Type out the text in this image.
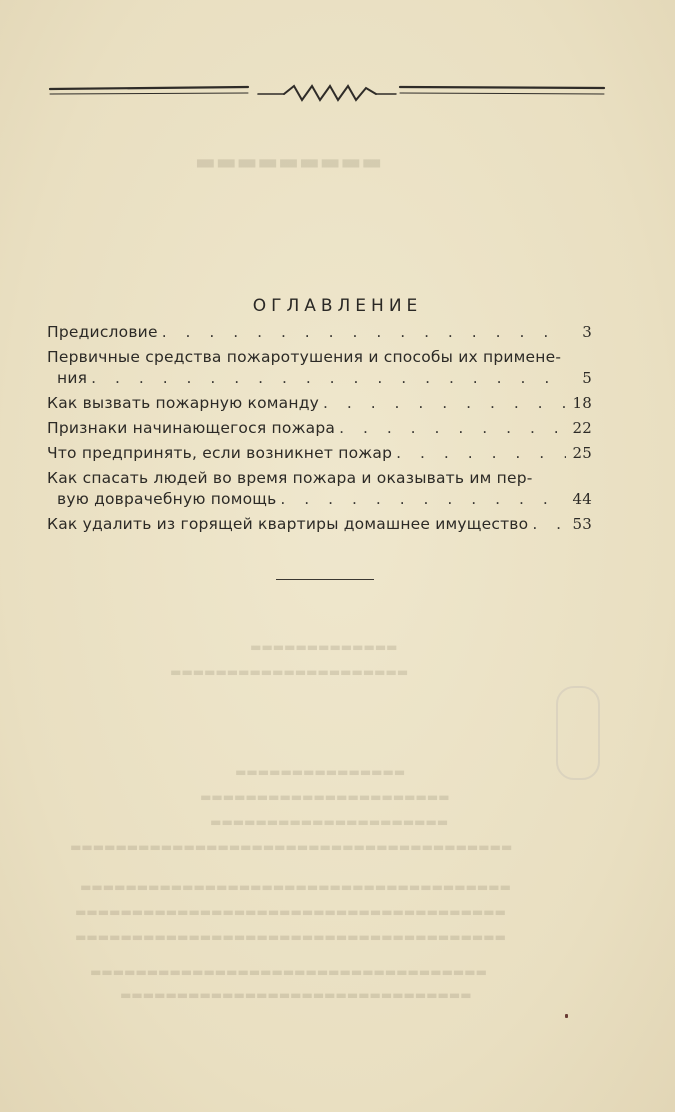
▬▬▬▬▬▬▬▬▬
▬▬▬▬▬▬▬▬▬▬▬▬▬
▬▬▬▬▬▬▬▬▬▬▬▬▬▬▬▬▬▬▬▬▬
▬▬▬▬▬▬▬▬▬▬▬▬▬▬▬
▬▬▬▬▬▬▬▬▬▬▬▬▬▬▬▬▬▬▬▬▬▬
▬▬▬▬▬▬▬▬▬▬▬▬▬▬▬▬▬▬▬▬▬
▬▬▬▬▬▬▬▬▬▬▬▬▬▬▬▬▬▬▬▬▬▬▬▬▬▬▬▬▬▬▬▬▬▬▬▬▬▬▬
▬▬▬▬▬▬▬▬▬▬▬▬▬▬▬▬▬▬▬▬▬▬▬▬▬▬▬▬▬▬▬▬▬▬▬▬▬▬
▬▬▬▬▬▬▬▬▬▬▬▬▬▬▬▬▬▬▬▬▬▬▬▬▬▬▬▬▬▬▬▬▬▬▬▬▬▬
▬▬▬▬▬▬▬▬▬▬▬▬▬▬▬▬▬▬▬▬▬▬▬▬▬▬▬▬▬▬▬▬▬▬▬▬▬▬
▬▬▬▬▬▬▬▬▬▬▬▬▬▬▬▬▬▬▬▬▬▬▬▬▬▬▬▬▬▬▬▬▬▬▬
▬▬▬▬▬▬▬▬▬▬▬▬▬▬▬▬▬▬▬▬▬▬▬▬▬▬▬▬▬▬▬
ОГЛАВЛЕНИЕ
Предисловие . . .	3
Первичные средства пожаротушения и способы их примене-
ния . . .	5
Как вызвать пожарную команду . . .	18
Признаки начинающегося пожара . . .	22
Что предпринять, если возникнет пожар . . .	25
Как спасать людей во время пожара и оказывать им пер-
вую доврачебную помощь . . .	44
Как удалить из горящей квартиры домашнее имущество . . .	53
